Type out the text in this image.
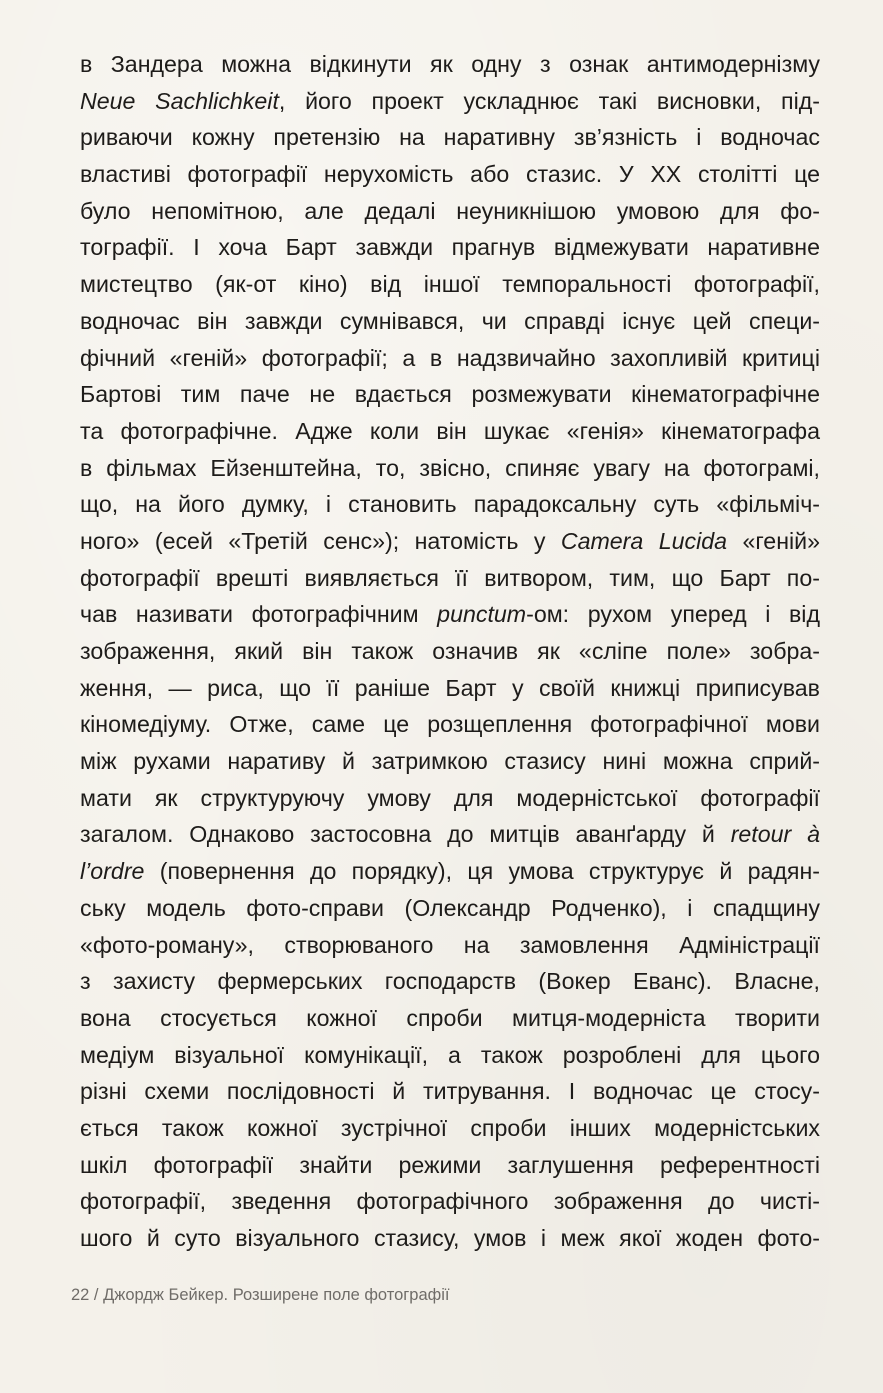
в Зандера можна відкинути як одну з ознак антимодернізму
Neue Sachlichkeit, його проект ускладнює такі висновки, під-
риваючи кожну претензію на наративну зв’язність і водночас
властиві фотографії нерухомість або стазис. У XX столітті це
було непомітною, але дедалі неуникнішою умовою для фо-
тографії. І хоча Барт завжди прагнув відмежувати наративне
мистецтво (як-от кіно) від іншої темпоральності фотографії,
водночас він завжди сумнівався, чи справді існує цей специ-
фічний «геній» фотографії; а в надзвичайно захопливій критиці
Бартові тим паче не вдається розмежувати кінематографічне
та фотографічне. Адже коли він шукає «генія» кінематографа
в фільмах Ейзенштейна, то, звісно, спиняє увагу на фотограмі,
що, на його думку, і становить парадоксальну суть «фільміч-
ного» (есей «Третій сенс»); натомість у Camera Lucida «геній»
фотографії врешті виявляється її витвором, тим, що Барт по-
чав називати фотографічним punctum-ом: рухом уперед і від
зображення, який він також означив як «сліпе поле» зобра-
ження, — риса, що її раніше Барт у своїй книжці приписував
кіномедіуму. Отже, саме це розщеплення фотографічної мови
між рухами наративу й затримкою стазису нині можна сприй-
мати як структуруючу умову для модерністської фотографії
загалом. Однаково застосовна до митців аванґарду й retour à
l’ordre (повернення до порядку), ця умова структурує й радян-
ську модель фото-справи (Олександр Родченко), і спадщину
«фото-роману», створюваного на замовлення Адміністрації
з захисту фермерських господарств (Вокер Еванс). Власне,
вона стосується кожної спроби митця-модерніста творити
медіум візуальної комунікації, а також розроблені для цього
різні схеми послідовності й титрування. І водночас це стосу-
ється також кожної зустрічної спроби інших модерністських
шкіл фотографії знайти режими заглушення референтності
фотографії, зведення фотографічного зображення до чисті-
шого й суто візуального стазису, умов і меж якої жоден фото-
22 / Джордж Бейкер. Розширене поле фотографії
